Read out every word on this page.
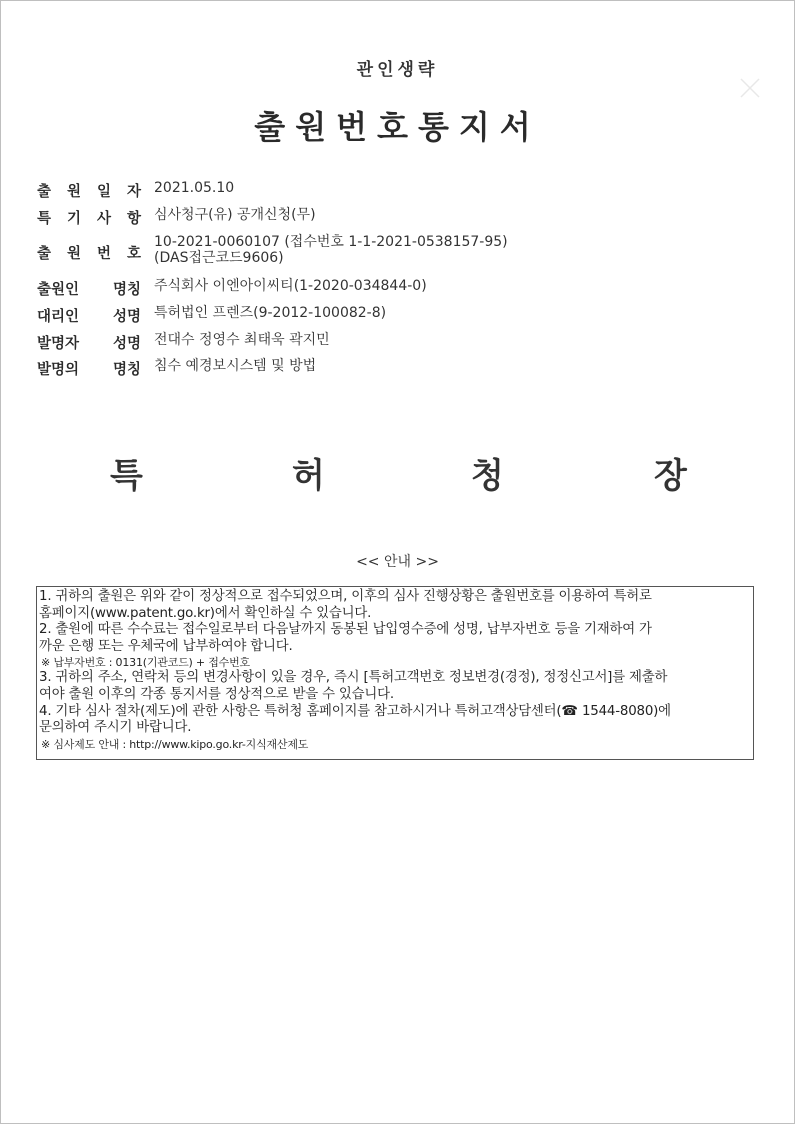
관인생략
출원번호통지서
출 원 일 자 2021.05.10
특 기 사 항 심사청구(유) 공개신청(무)
출 원 번 호
10-2021-0060107 (접수번호 1-1-2021-0538157-95)
(DAS접근코드9606)
출원인 명칭 주식회사 이엔아이씨티(1-2020-034844-0)
대리인 성명 특허법인 프렌즈(9-2012-100082-8)
발명자 성명 전대수 정영수 최태욱 곽지민
발명의 명칭 침수 예경보시스템 및 방법
특	허	청	장
<< 안내 >>
1. 귀하의 출원은 위와 같이 정상적으로 접수되었으며, 이후의 심사 진행상황은 출원번호를 이용하여 특허로
홈페이지(www.patent.go.kr)에서 확인하실 수 있습니다.
2. 출원에 따른 수수료는 접수일로부터 다음날까지 동봉된 납입영수증에 성명, 납부자번호 등을 기재하여 가
까운 은행 또는 우체국에 납부하여야 합니다.
※ 납부자번호 : 0131(기관코드) + 접수번호
3. 귀하의 주소, 연락처 등의 변경사항이 있을 경우, 즉시 [특허고객번호 정보변경(경정), 정정신고서]를 제출하
여야 출원 이후의 각종 통지서를 정상적으로 받을 수 있습니다.
4. 기타 심사 절차(제도)에 관한 사항은 특허청 홈페이지를 참고하시거나 특허고객상담센터(☎ 1544-8080)에
문의하여 주시기 바랍니다.
※ 심사제도 안내 : http://www.kipo.go.kr-지식재산제도
